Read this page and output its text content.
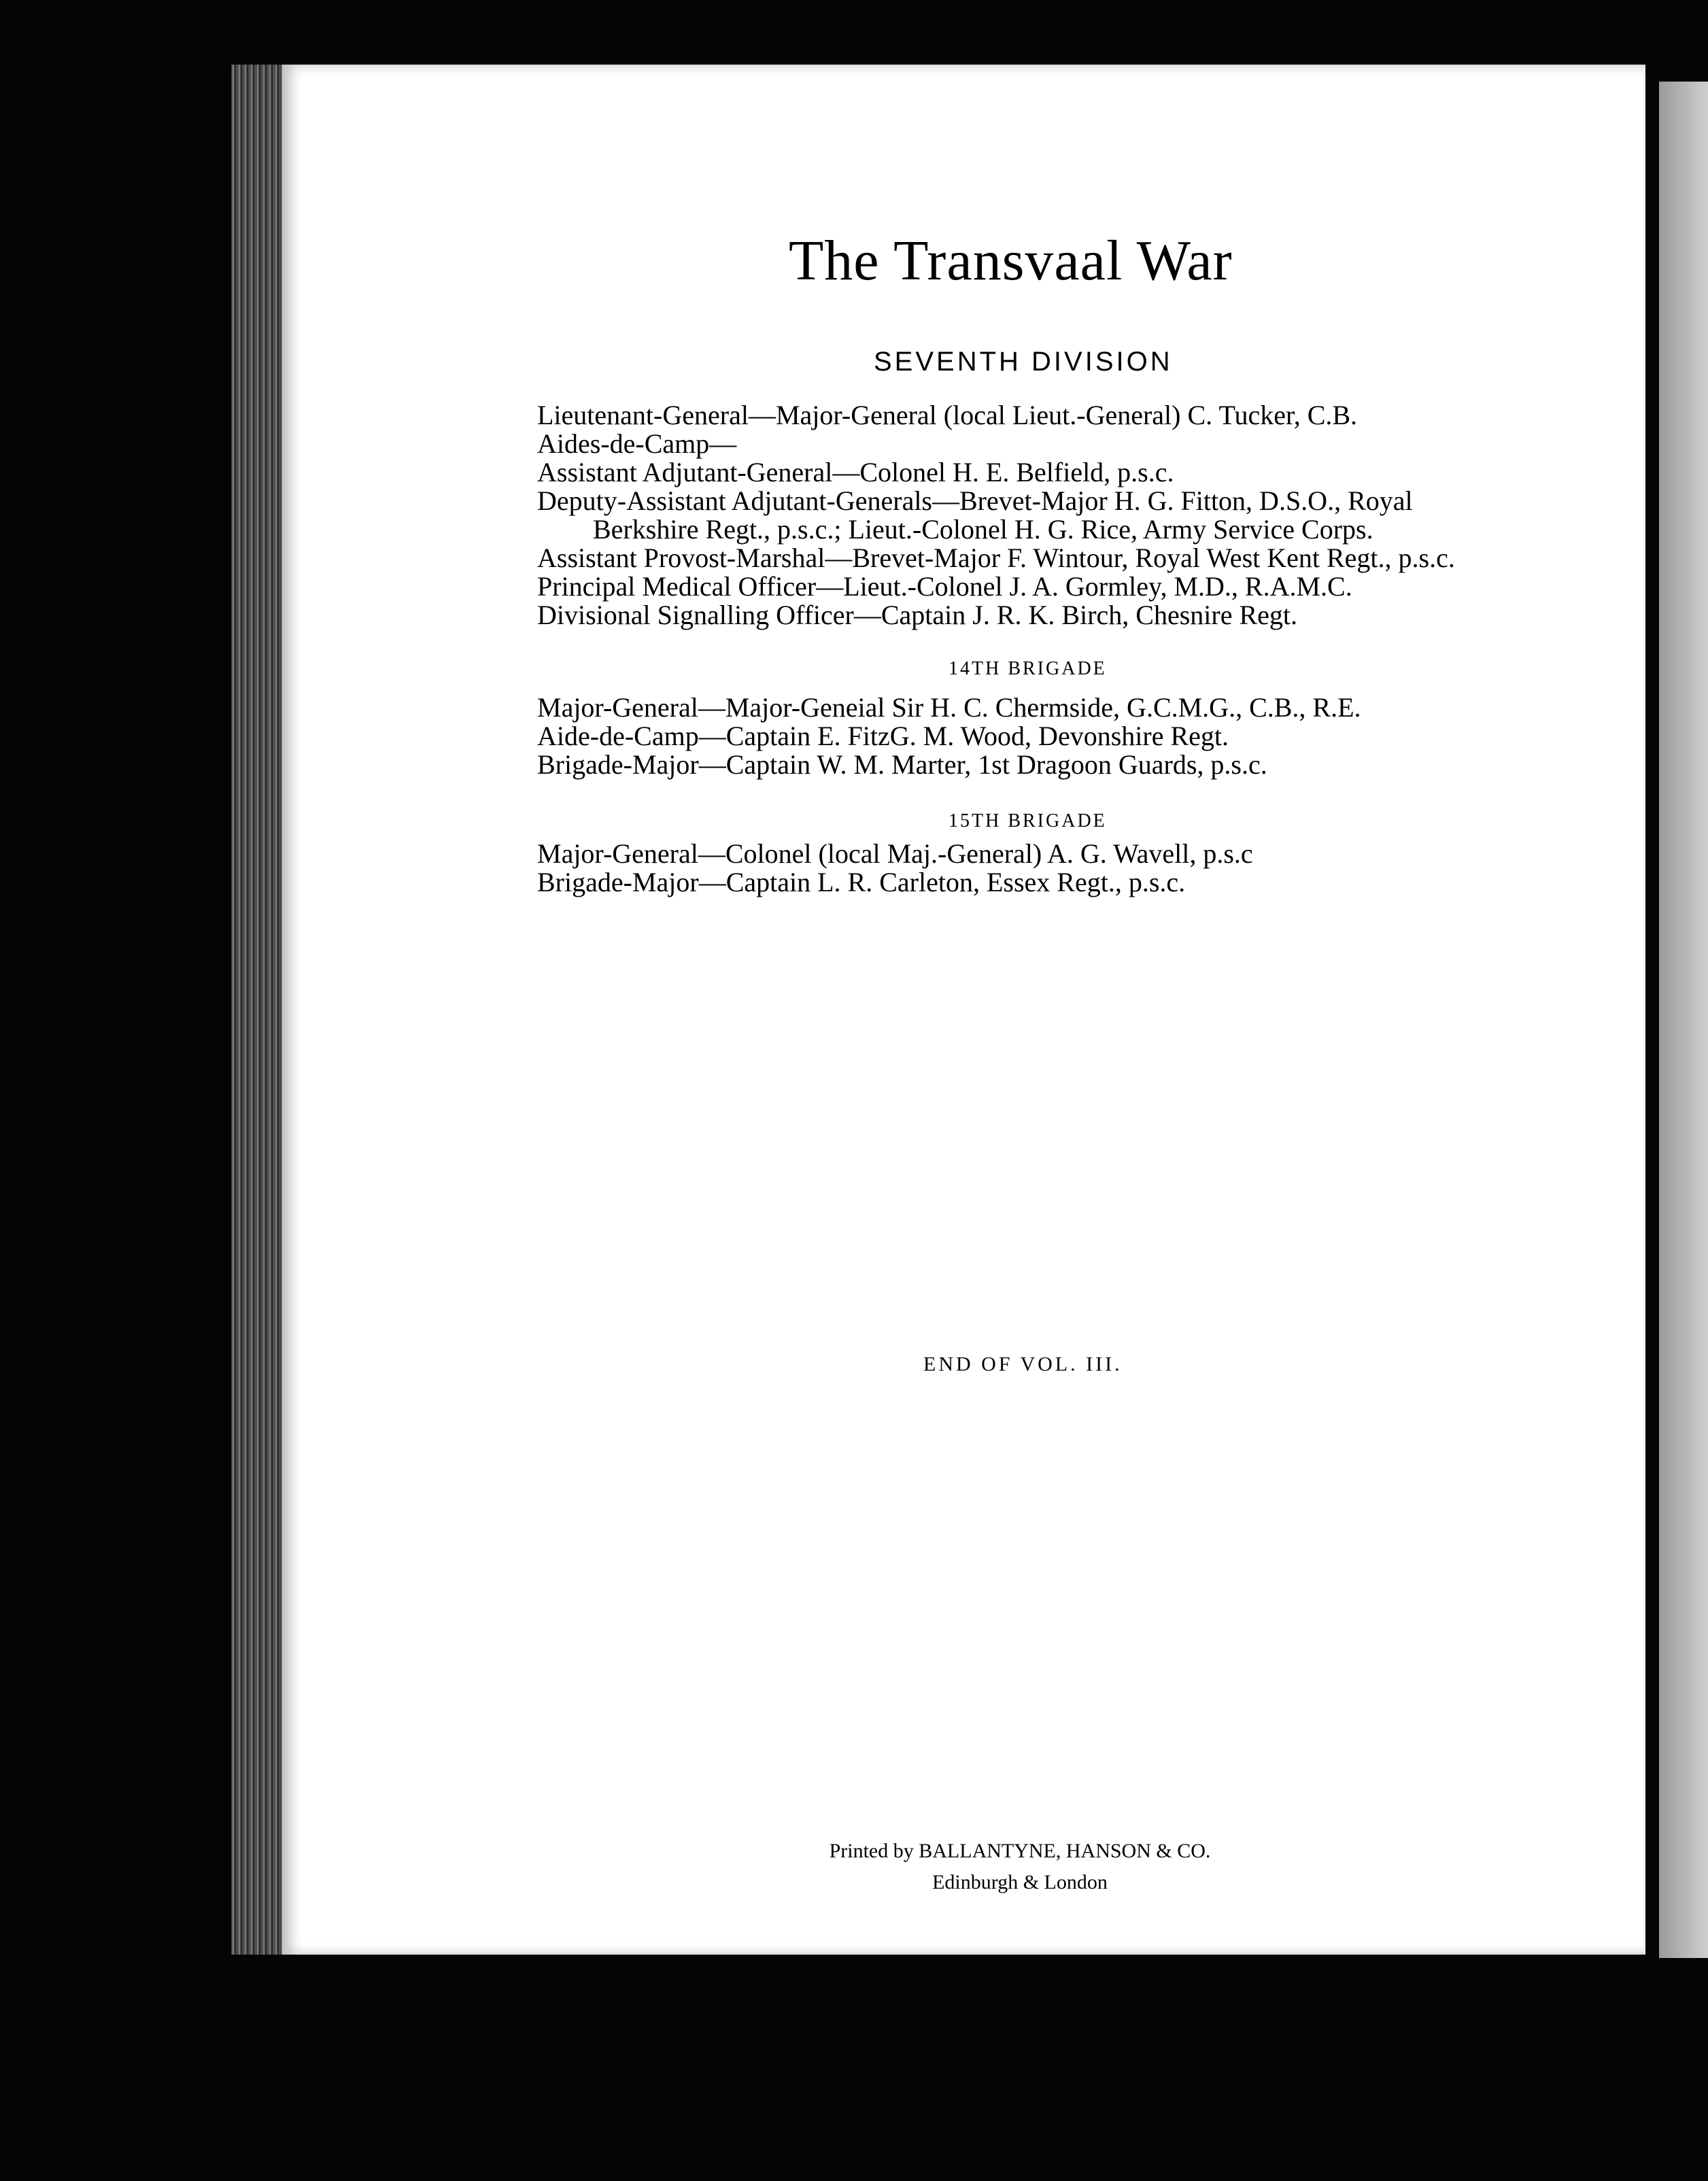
The Transvaal War
SEVENTH DIVISION
Lieutenant-General—Major-General (local Lieut.-General) C. Tucker, C.B.
Aides-de-Camp—
Assistant Adjutant-General—Colonel H. E. Belfield, p.s.c.
Deputy-Assistant Adjutant-Generals—Brevet-Major H. G. Fitton, D.S.O., Royal
Berkshire Regt., p.s.c.; Lieut.-Colonel H. G. Rice, Army Service Corps.
Assistant Provost-Marshal—Brevet-Major F. Wintour, Royal West Kent Regt., p.s.c.
Principal Medical Officer—Lieut.-Colonel J. A. Gormley, M.D., R.A.M.C.
Divisional Signalling Officer—Captain J. R. K. Birch, Chesnire Regt.
14TH BRIGADE
Major-General—Major-Geneial Sir H. C. Chermside, G.C.M.G., C.B., R.E.
Aide-de-Camp—Captain E. FitzG. M. Wood, Devonshire Regt.
Brigade-Major—Captain W. M. Marter, 1st Dragoon Guards, p.s.c.
15TH BRIGADE
Major-General—Colonel (local Maj.-General) A. G. Wavell, p.s.c
Brigade-Major—Captain L. R. Carleton, Essex Regt., p.s.c.
END OF VOL. III.
Printed by BALLANTYNE, HANSON & CO.
Edinburgh & London
